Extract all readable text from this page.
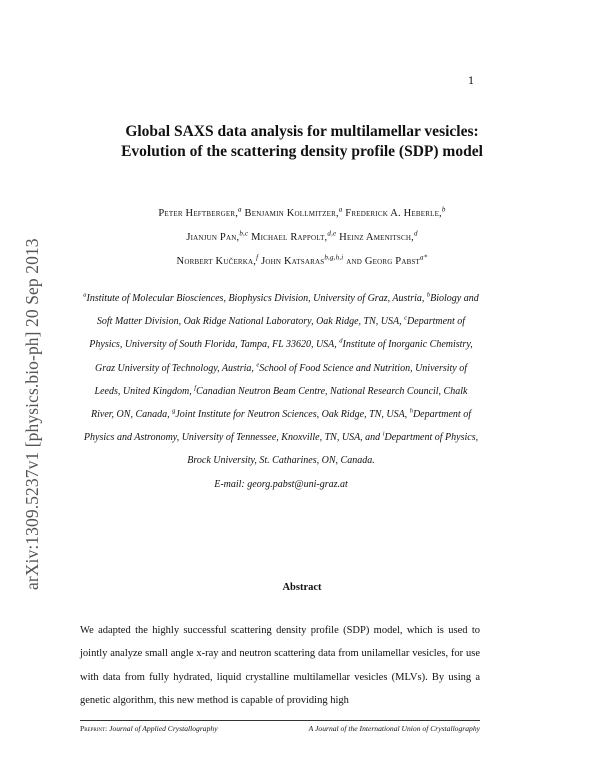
1
arXiv:1309.5237v1 [physics.bio-ph] 20 Sep 2013
Global SAXS data analysis for multilamellar vesicles:
Evolution of the scattering density profile (SDP) model
Peter Heftberger,$^a$ Benjamin Kollmitzer,$^a$ Frederick A. Heberle,$^b$
Jianjun Pan,$^{b,c}$ Michael Rappolt,$^{d,e}$ Heinz Amenitsch,$^d$
Norbert Kučerka,$^f$ John Katsaras$^{b,g,h,i}$ and Georg Pabst$^{a*}$
$^a$Institute of Molecular Biosciences, Biophysics Division, University of Graz, Austria, $^b$Biology and Soft Matter Division, Oak Ridge National Laboratory, Oak Ridge, TN, USA, $^c$Department of Physics, University of South Florida, Tampa, FL 33620, USA, $^d$Institute of Inorganic Chemistry, Graz University of Technology, Austria, $^e$School of Food Science and Nutrition, University of Leeds, United Kingdom, $^f$Canadian Neutron Beam Centre, National Research Council, Chalk River, ON, Canada, $^g$Joint Institute for Neutron Sciences, Oak Ridge, TN, USA, $^h$Department of Physics and Astronomy, University of Tennessee, Knoxville, TN, USA, and $^i$Department of Physics, Brock University, St. Catharines, ON, Canada.
E-mail: georg.pabst@uni-graz.at
Abstract
We adapted the highly successful scattering density profile (SDP) model, which is used to jointly analyze small angle x-ray and neutron scattering data from unilamellar vesicles, for use with data from fully hydrated, liquid crystalline multilamellar vesicles (MLVs). By using a genetic algorithm, this new method is capable of providing high
Preprint: Journal of Applied Crystallography	A Journal of the International Union of Crystallography
